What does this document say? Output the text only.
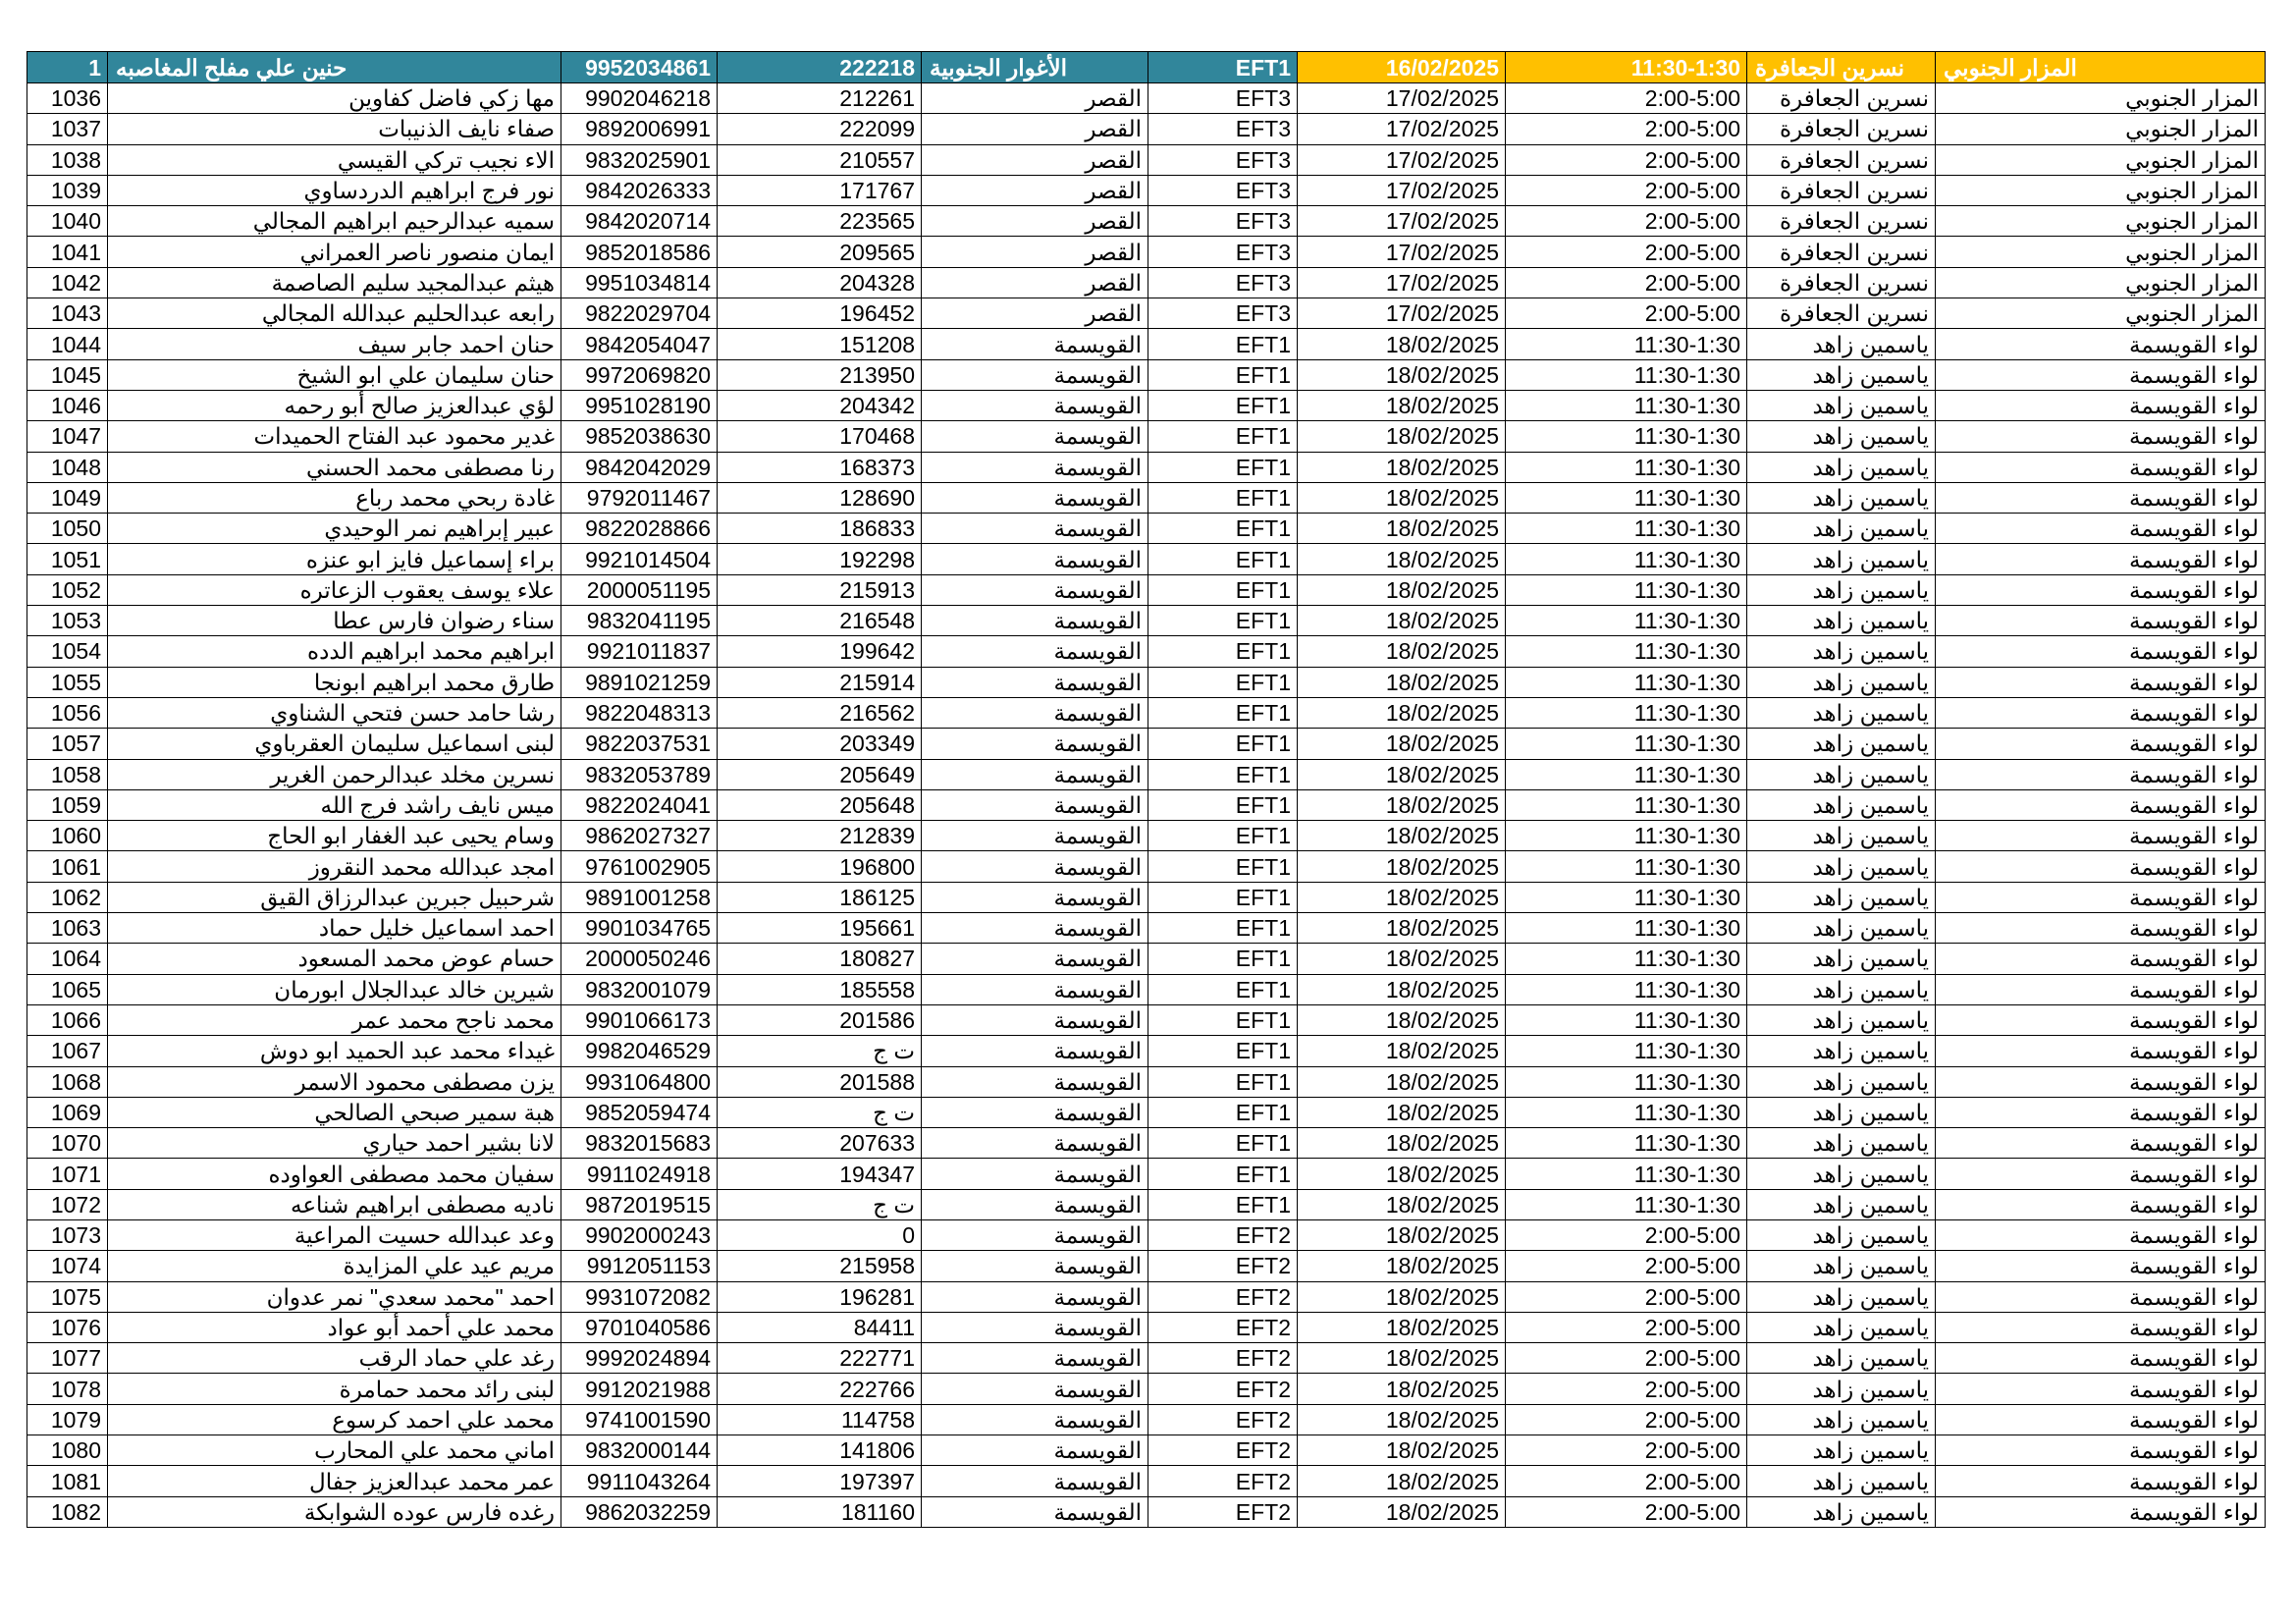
1	حنين علي مفلح المغاصبه	9952034861	222218	الأغوار الجنوبية	EFT1	16/02/2025	11:30-1:30	نسرين الجعافرة	المزار الجنوبي
1036	مها زكي فاضل كفاوين	9902046218	212261	القصر	EFT3	17/02/2025	2:00-5:00	نسرين الجعافرة	المزار الجنوبي
1037	صفاء نايف الذنيبات	9892006991	222099	القصر	EFT3	17/02/2025	2:00-5:00	نسرين الجعافرة	المزار الجنوبي
1038	الاء نجيب تركي القيسي	9832025901	210557	القصر	EFT3	17/02/2025	2:00-5:00	نسرين الجعافرة	المزار الجنوبي
1039	نور فرج ابراهيم الدردساوي	9842026333	171767	القصر	EFT3	17/02/2025	2:00-5:00	نسرين الجعافرة	المزار الجنوبي
1040	سميه عبدالرحيم ابراهيم المجالي	9842020714	223565	القصر	EFT3	17/02/2025	2:00-5:00	نسرين الجعافرة	المزار الجنوبي
1041	ايمان منصور ناصر العمراني	9852018586	209565	القصر	EFT3	17/02/2025	2:00-5:00	نسرين الجعافرة	المزار الجنوبي
1042	هيثم عبدالمجيد سليم الصاصمة	9951034814	204328	القصر	EFT3	17/02/2025	2:00-5:00	نسرين الجعافرة	المزار الجنوبي
1043	رابعه عبدالحليم عبدالله المجالي	9822029704	196452	القصر	EFT3	17/02/2025	2:00-5:00	نسرين الجعافرة	المزار الجنوبي
1044	حنان احمد جابر سيف	9842054047	151208	القويسمة	EFT1	18/02/2025	11:30-1:30	ياسمين زاهد	لواء القويسمة
1045	حنان سليمان علي ابو الشيخ	9972069820	213950	القويسمة	EFT1	18/02/2025	11:30-1:30	ياسمين زاهد	لواء القويسمة
1046	لؤي عبدالعزيز صالح أبو رحمه	9951028190	204342	القويسمة	EFT1	18/02/2025	11:30-1:30	ياسمين زاهد	لواء القويسمة
1047	غدير محمود عبد الفتاح الحميدات	9852038630	170468	القويسمة	EFT1	18/02/2025	11:30-1:30	ياسمين زاهد	لواء القويسمة
1048	رنا مصطفى محمد الحسني	9842042029	168373	القويسمة	EFT1	18/02/2025	11:30-1:30	ياسمين زاهد	لواء القويسمة
1049	غادة ربحي محمد رباع	9792011467	128690	القويسمة	EFT1	18/02/2025	11:30-1:30	ياسمين زاهد	لواء القويسمة
1050	عبير إبراهيم نمر الوحيدي	9822028866	186833	القويسمة	EFT1	18/02/2025	11:30-1:30	ياسمين زاهد	لواء القويسمة
1051	براء إسماعيل فايز ابو عنزه	9921014504	192298	القويسمة	EFT1	18/02/2025	11:30-1:30	ياسمين زاهد	لواء القويسمة
1052	علاء يوسف يعقوب الزعاتره	2000051195	215913	القويسمة	EFT1	18/02/2025	11:30-1:30	ياسمين زاهد	لواء القويسمة
1053	سناء رضوان فارس عطا	9832041195	216548	القويسمة	EFT1	18/02/2025	11:30-1:30	ياسمين زاهد	لواء القويسمة
1054	ابراهيم محمد ابراهيم الدده	9921011837	199642	القويسمة	EFT1	18/02/2025	11:30-1:30	ياسمين زاهد	لواء القويسمة
1055	طارق محمد ابراهيم ابونجا	9891021259	215914	القويسمة	EFT1	18/02/2025	11:30-1:30	ياسمين زاهد	لواء القويسمة
1056	رشا حامد حسن فتحي الشناوي	9822048313	216562	القويسمة	EFT1	18/02/2025	11:30-1:30	ياسمين زاهد	لواء القويسمة
1057	لبنى اسماعيل سليمان العقرباوي	9822037531	203349	القويسمة	EFT1	18/02/2025	11:30-1:30	ياسمين زاهد	لواء القويسمة
1058	نسرين مخلد عبدالرحمن الغرير	9832053789	205649	القويسمة	EFT1	18/02/2025	11:30-1:30	ياسمين زاهد	لواء القويسمة
1059	ميس نايف راشد فرج الله	9822024041	205648	القويسمة	EFT1	18/02/2025	11:30-1:30	ياسمين زاهد	لواء القويسمة
1060	وسام يحيى عبد الغفار ابو الحاج	9862027327	212839	القويسمة	EFT1	18/02/2025	11:30-1:30	ياسمين زاهد	لواء القويسمة
1061	امجد عبدالله محمد النقروز	9761002905	196800	القويسمة	EFT1	18/02/2025	11:30-1:30	ياسمين زاهد	لواء القويسمة
1062	شرحبيل جبرين عبدالرزاق القيق	9891001258	186125	القويسمة	EFT1	18/02/2025	11:30-1:30	ياسمين زاهد	لواء القويسمة
1063	احمد اسماعيل خليل حماد	9901034765	195661	القويسمة	EFT1	18/02/2025	11:30-1:30	ياسمين زاهد	لواء القويسمة
1064	حسام عوض محمد المسعود	2000050246	180827	القويسمة	EFT1	18/02/2025	11:30-1:30	ياسمين زاهد	لواء القويسمة
1065	شيرين خالد عبدالجلال ابورمان	9832001079	185558	القويسمة	EFT1	18/02/2025	11:30-1:30	ياسمين زاهد	لواء القويسمة
1066	محمد ناجح محمد عمر	9901066173	201586	القويسمة	EFT1	18/02/2025	11:30-1:30	ياسمين زاهد	لواء القويسمة
1067	غيداء محمد عبد الحميد ابو دوش	9982046529	ت ج	القويسمة	EFT1	18/02/2025	11:30-1:30	ياسمين زاهد	لواء القويسمة
1068	يزن مصطفى محمود الاسمر	9931064800	201588	القويسمة	EFT1	18/02/2025	11:30-1:30	ياسمين زاهد	لواء القويسمة
1069	هبة سمير صبحي الصالحي	9852059474	ت ج	القويسمة	EFT1	18/02/2025	11:30-1:30	ياسمين زاهد	لواء القويسمة
1070	لانا بشير احمد حياري	9832015683	207633	القويسمة	EFT1	18/02/2025	11:30-1:30	ياسمين زاهد	لواء القويسمة
1071	سفيان محمد مصطفى العواوده	9911024918	194347	القويسمة	EFT1	18/02/2025	11:30-1:30	ياسمين زاهد	لواء القويسمة
1072	ناديه مصطفى ابراهيم شناعه	9872019515	ت ج	القويسمة	EFT1	18/02/2025	11:30-1:30	ياسمين زاهد	لواء القويسمة
1073	وعد عبدالله حسيت المراعية	9902000243	0	القويسمة	EFT2	18/02/2025	2:00-5:00	ياسمين زاهد	لواء القويسمة
1074	مريم عيد علي المزايدة	9912051153	215958	القويسمة	EFT2	18/02/2025	2:00-5:00	ياسمين زاهد	لواء القويسمة
1075	احمد "محمد سعدي" نمر عدوان	9931072082	196281	القويسمة	EFT2	18/02/2025	2:00-5:00	ياسمين زاهد	لواء القويسمة
1076	محمد علي أحمد أبو عواد	9701040586	84411	القويسمة	EFT2	18/02/2025	2:00-5:00	ياسمين زاهد	لواء القويسمة
1077	رغد علي حماد الرقب	9992024894	222771	القويسمة	EFT2	18/02/2025	2:00-5:00	ياسمين زاهد	لواء القويسمة
1078	لبنى رائد محمد حمامرة	9912021988	222766	القويسمة	EFT2	18/02/2025	2:00-5:00	ياسمين زاهد	لواء القويسمة
1079	محمد علي احمد كرسوع	9741001590	114758	القويسمة	EFT2	18/02/2025	2:00-5:00	ياسمين زاهد	لواء القويسمة
1080	اماني محمد علي المحارب	9832000144	141806	القويسمة	EFT2	18/02/2025	2:00-5:00	ياسمين زاهد	لواء القويسمة
1081	عمر محمد عبدالعزيز جفال	9911043264	197397	القويسمة	EFT2	18/02/2025	2:00-5:00	ياسمين زاهد	لواء القويسمة
1082	رغده فارس عوده الشوابكة	9862032259	181160	القويسمة	EFT2	18/02/2025	2:00-5:00	ياسمين زاهد	لواء القويسمة
